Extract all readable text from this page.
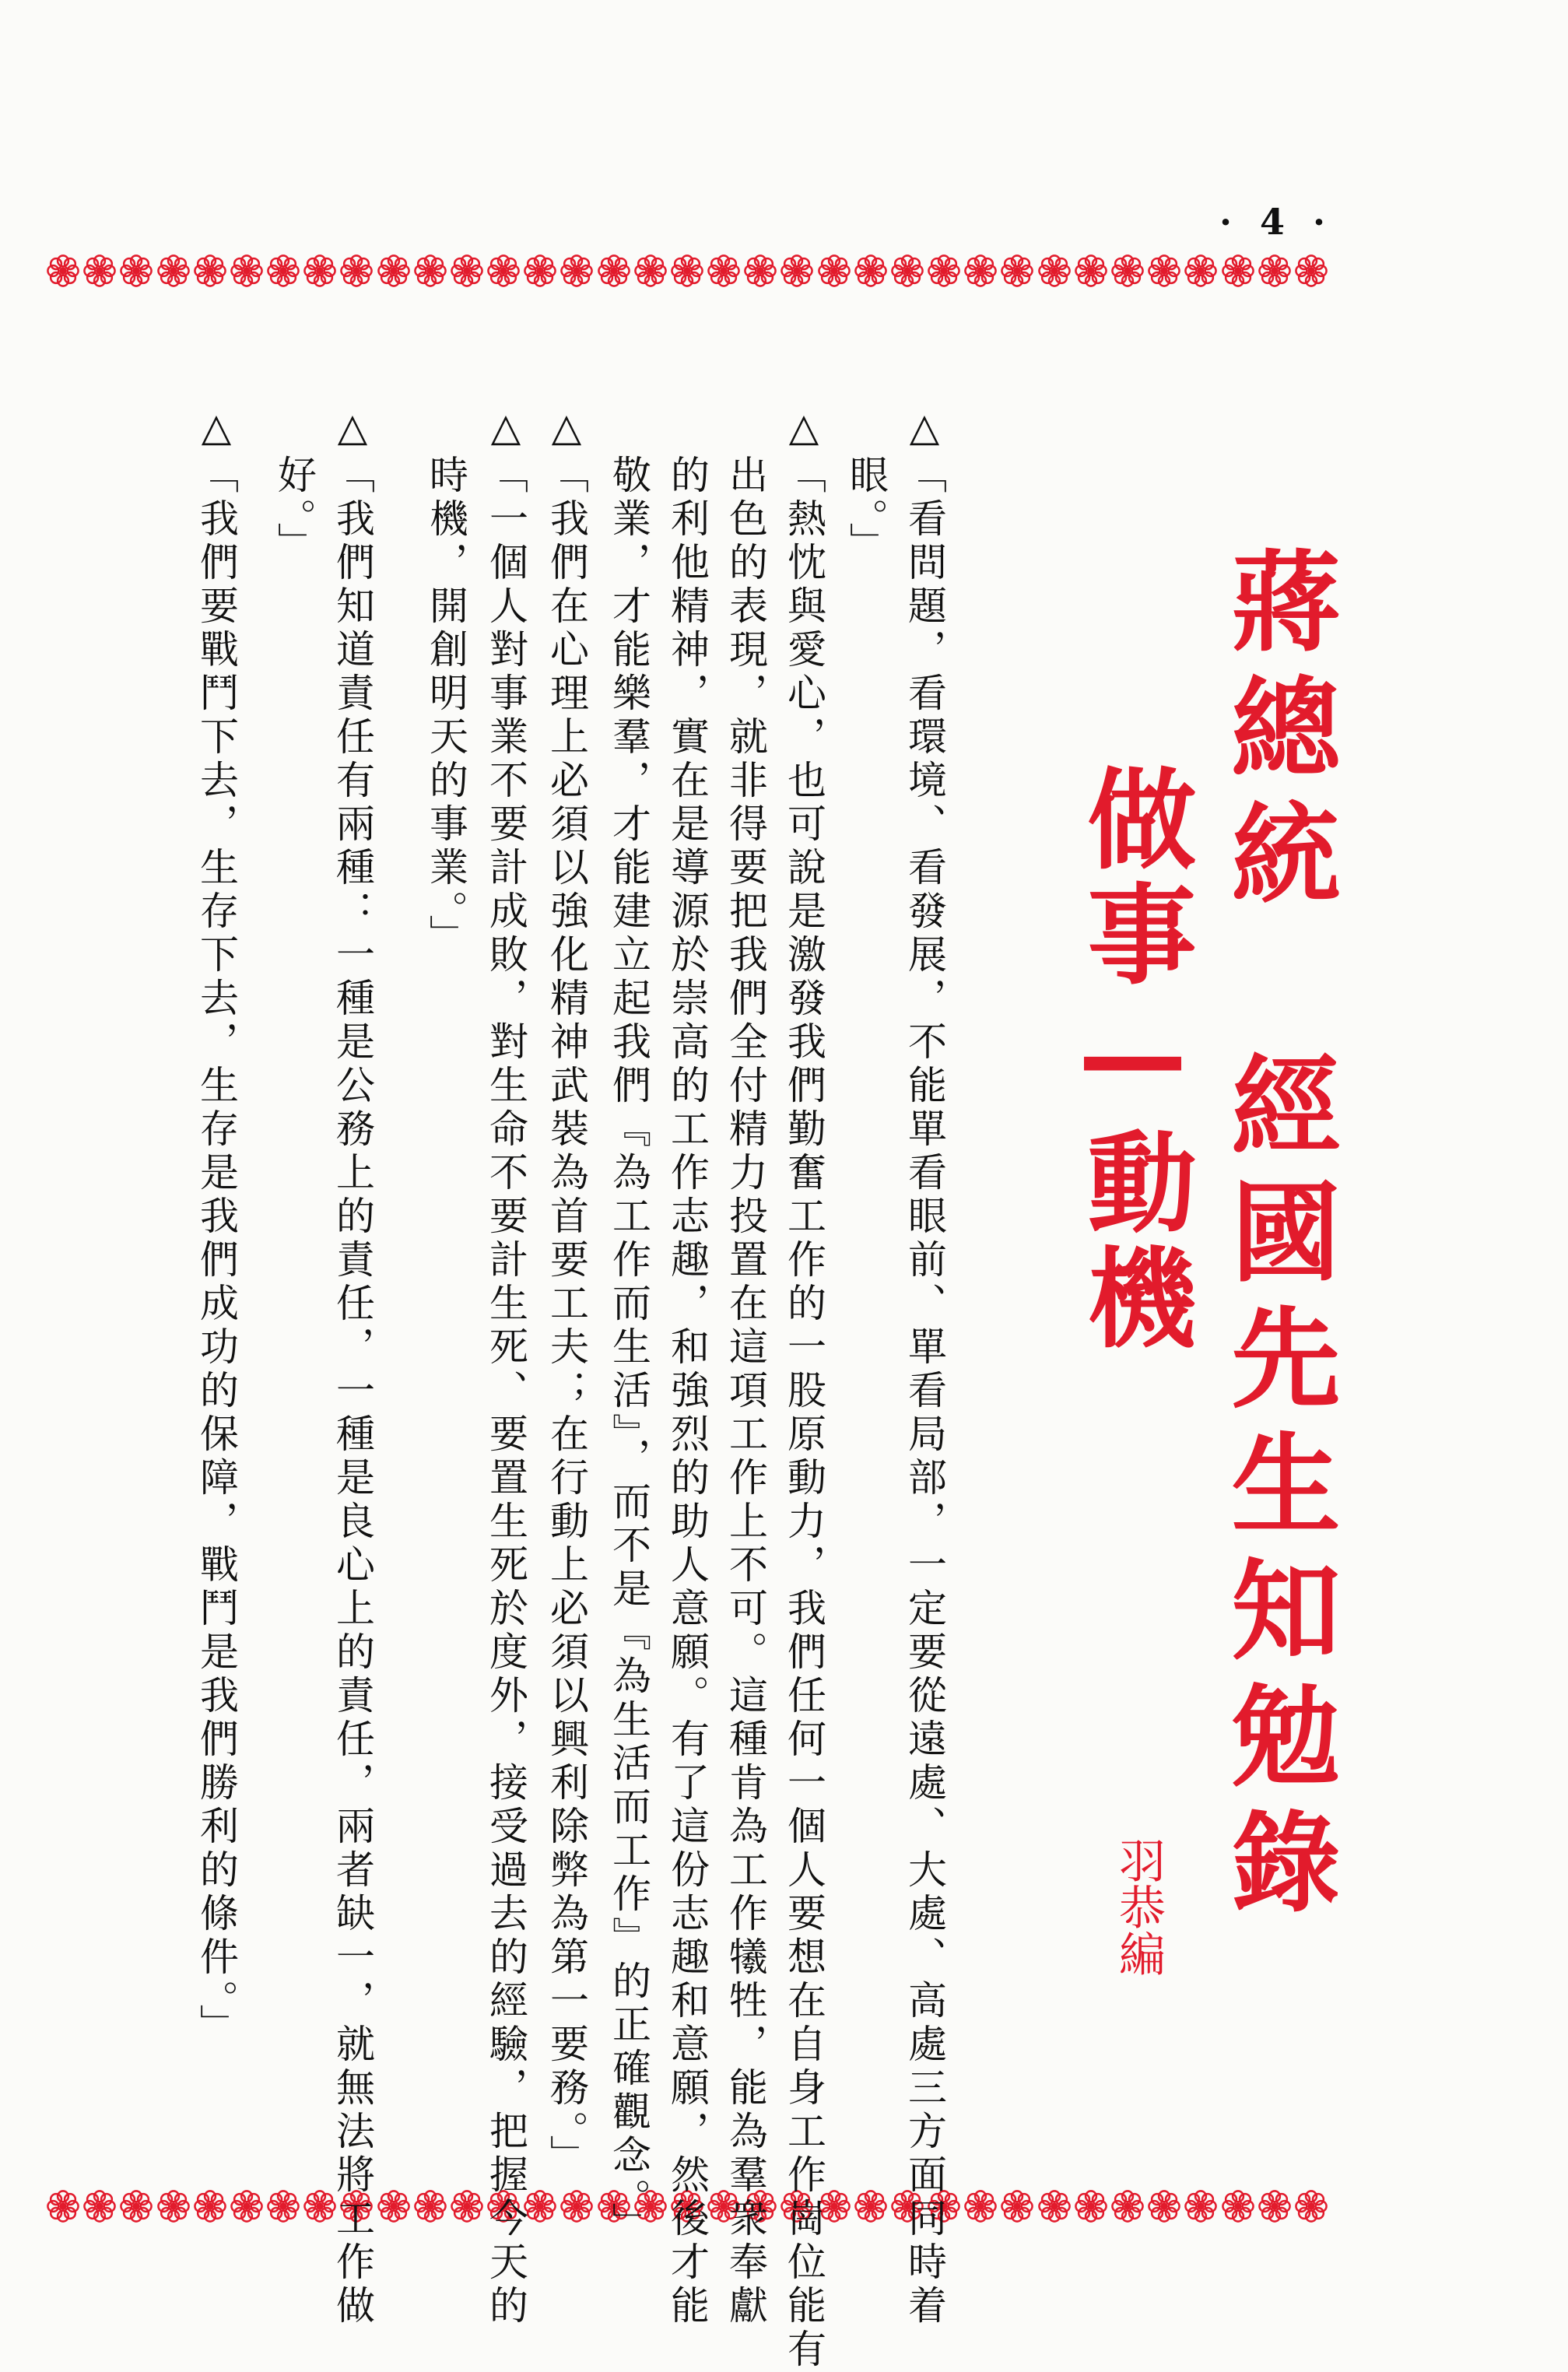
· 4 ·
蔣總統　經國先生知勉錄
做事—動機
羽恭編
△「看問題，看環境、看發展，不能單看眼前、單看局部，一定要從遠處、大處、高處三方面同時着
眼。」
△「熱忱與愛心，也可說是激發我們勤奮工作的一股原動力，我們任何一個人要想在自身工作崗位能有
出色的表現，就非得要把我們全付精力投置在這項工作上不可。這種肯為工作犧牲，能為羣衆奉獻
的利他精神，實在是導源於崇高的工作志趣，和強烈的助人意願。有了這份志趣和意願，然後才能
敬業，才能樂羣，才能建立起我們『為工作而生活』，而不是『為生活而工作』的正確觀念。」
△「我們在心理上必須以強化精神武裝為首要工夫；在行動上必須以興利除弊為第一要務。」
△「一個人對事業不要計成敗，對生命不要計生死、要置生死於度外，接受過去的經驗，把握今天的
時機，開創明天的事業。」
△「我們知道責任有兩種：一種是公務上的責任，一種是良心上的責任，兩者缺一，就無法將工作做
好。」
△「我們要戰鬥下去，生存下去，生存是我們成功的保障，戰鬥是我們勝利的條件。」
